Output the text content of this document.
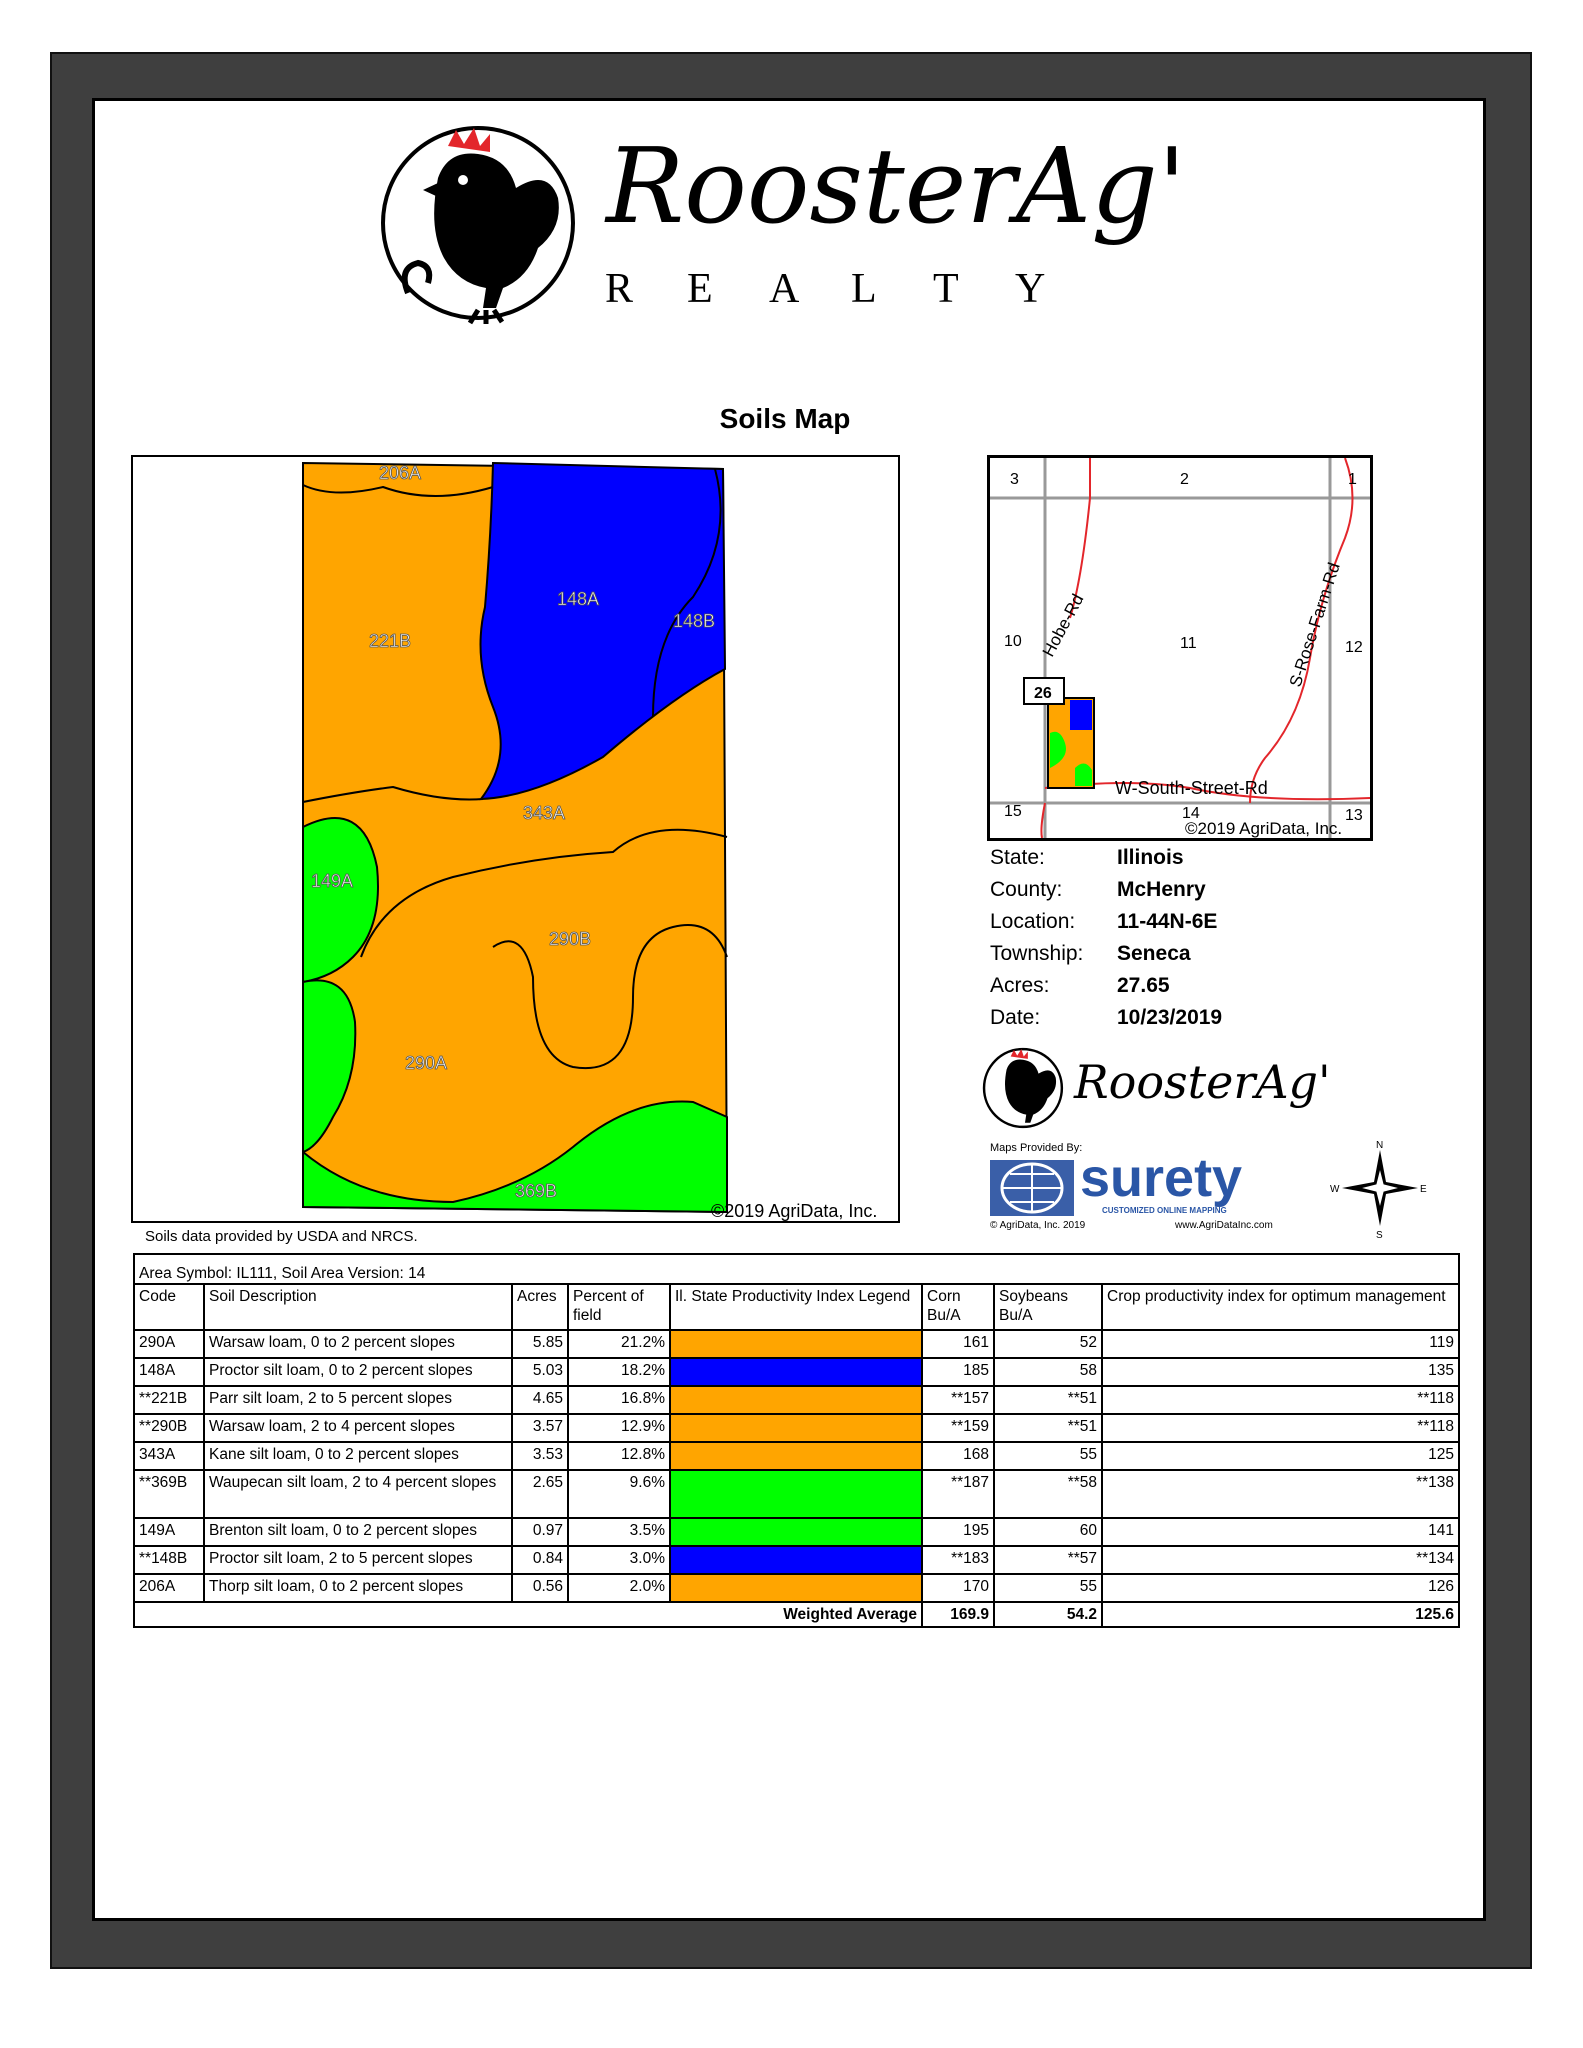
RoosterAg'
R E A L T Y
Soils Map
206A
148A
148B
221B
343A
149A
290B
290A
369B
©2019 AgriData, Inc.
26
3	2	1
10	11	12
15	14	13
Hobe-Rd	S-Rose-Farm-Rd
W-South-Street-Rd
©2019 AgriData, Inc.
State:	Illinois
County:	McHenry
Location: 11-44N-6E
Township: Seneca
Acres:	27.65
Date:	10/23/2019
RoosterAg'
Maps Provided By:
surety
CUSTOMIZED ONLINE MAPPING
© AgriData, Inc. 2019	www.AgriDataInc.com
N
S
E
W
Soils data provided by USDA and NRCS.
Area Symbol: IL111, Soil Area Version: 14							
Code	Soil Description	Acres	Percent of field	Il. State Productivity Index Legend	Corn Bu/A	Soybeans Bu/A	Crop productivity index for optimum management
290A	Warsaw loam, 0 to 2 percent slopes	5.85	21.2%		161	52	119
148A	Proctor silt loam, 0 to 2 percent slopes	5.03	18.2%		185	58	135
**221B	Parr silt loam, 2 to 5 percent slopes	4.65	16.8%		**157	**51	**118
**290B	Warsaw loam, 2 to 4 percent slopes	3.57	12.9%		**159	**51	**118
343A	Kane silt loam, 0 to 2 percent slopes	3.53	12.8%		168	55	125
**369B	Waupecan silt loam, 2 to 4 percent slopes	2.65	9.6%		**187	**58	**138
149A	Brenton silt loam, 0 to 2 percent slopes	0.97	3.5%		195	60	141
**148B	Proctor silt loam, 2 to 5 percent slopes	0.84	3.0%		**183	**57	**134
206A	Thorp silt loam, 0 to 2 percent slopes	0.56	2.0%		170	55	126
Weighted Average					169.9	54.2	125.6
